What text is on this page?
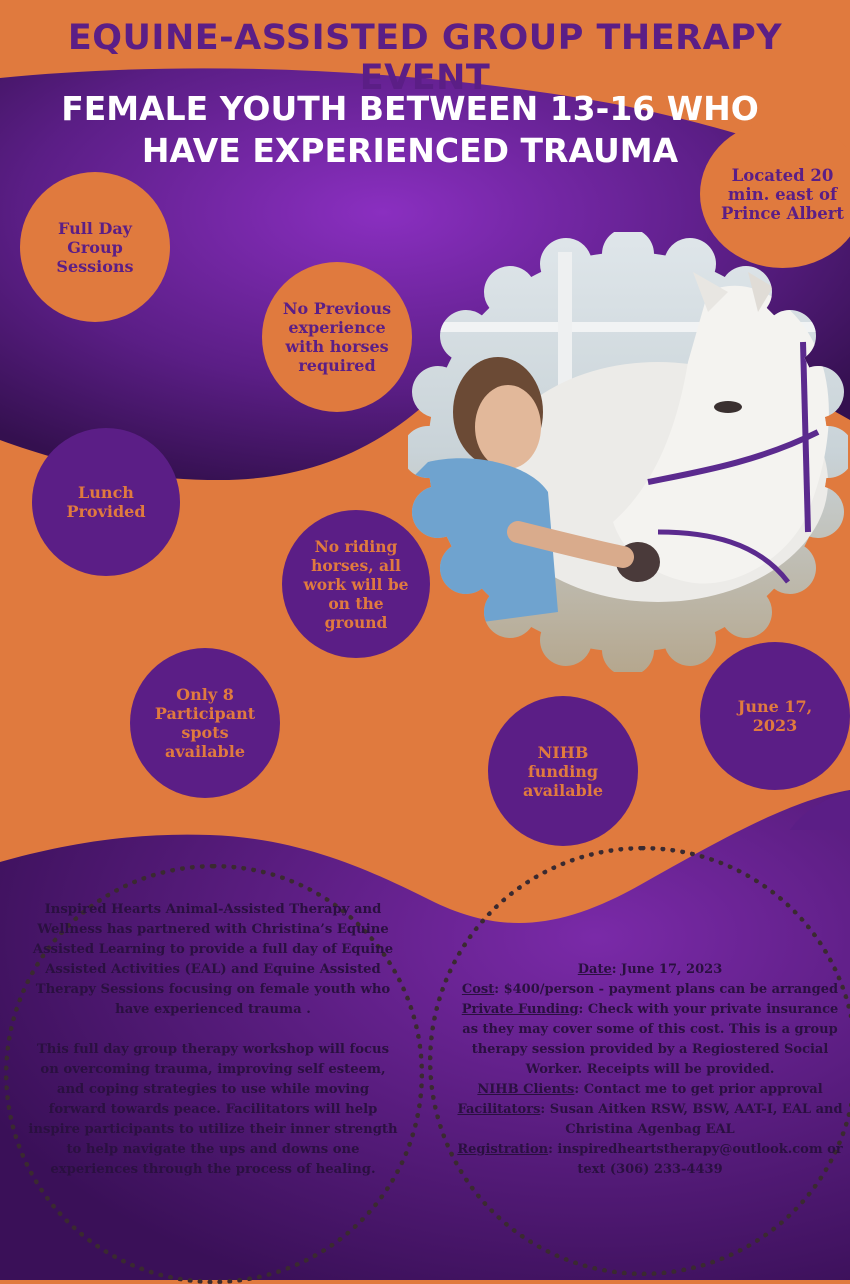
EQUINE-ASSISTED GROUP THERAPY EVENT
FEMALE YOUTH BETWEEN 13-16 WHO
HAVE EXPERIENCED TRAUMA
Full Day Group Sessions
Located 20 min. east of Prince Albert
No Previous experience with horses required
Lunch Provided
No riding horses, all work will be on the ground
Only 8 Participant spots available
June 17, 2023
NIHB funding available

Inspired Hearts Animal-Assisted Therapy and Wellness has partnered with Christina’s Equine Assisted Learning to provide a full day of Equine Assisted Activities (EAL) and Equine Assisted Therapy Sessions focusing on female youth who have experienced trauma .

This full day group therapy workshop will focus on overcoming trauma, improving self esteem, and coping strategies to use while moving forward towards peace. Facilitators will help inspire participants to utilize their inner strength to help navigate the ups and downs one experiences through the process of healing.

Date: June 17, 2023

Cost: $400/person - payment plans can be arranged

Private Funding: Check with your private insurance as they may cover some of this cost. This is a group therapy session provided by a Regiostered Social Worker. Receipts will be provided.

NIHB Clients: Contact me to get prior approval

Facilitators: Susan Aitken RSW, BSW, AAT-I, EAL and Christina Agenbag EAL

Registration: inspiredheartstherapy@outlook.com or text (306) 233-4439
